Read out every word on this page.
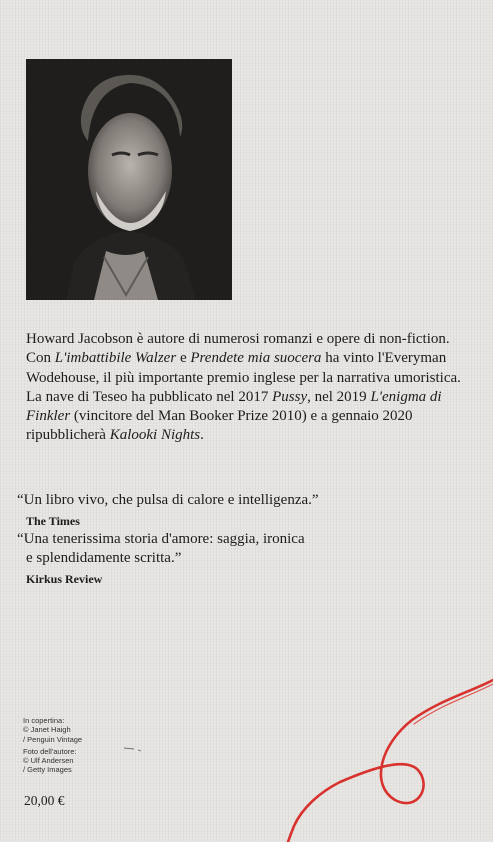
Howard Jacobson è autore di numerosi romanzi e opere di non-fiction. Con L'imbattibile Walzer e Prendete mia suocera ha vinto l'Everyman Wodehouse, il più importante premio inglese per la narrativa umoristica. La nave di Teseo ha pubblicato nel 2017 Pussy, nel 2019 L'enigma di Finkler (vincitore del Man Booker Prize 2010) e a gennaio 2020 ripubblicherà Kalooki Nights.

“Un libro vivo, che pulsa di calore e intelligenza.”

The Times

“Una tenerissima storia d'amore: saggia, ironica

e splendidamente scritta.”

Kirkus Review

In copertina:
© Janet Haigh
/ Penguin Vintage
Foto dell'autore:
© Ulf Andersen
/ Getty Images
20,00 €
